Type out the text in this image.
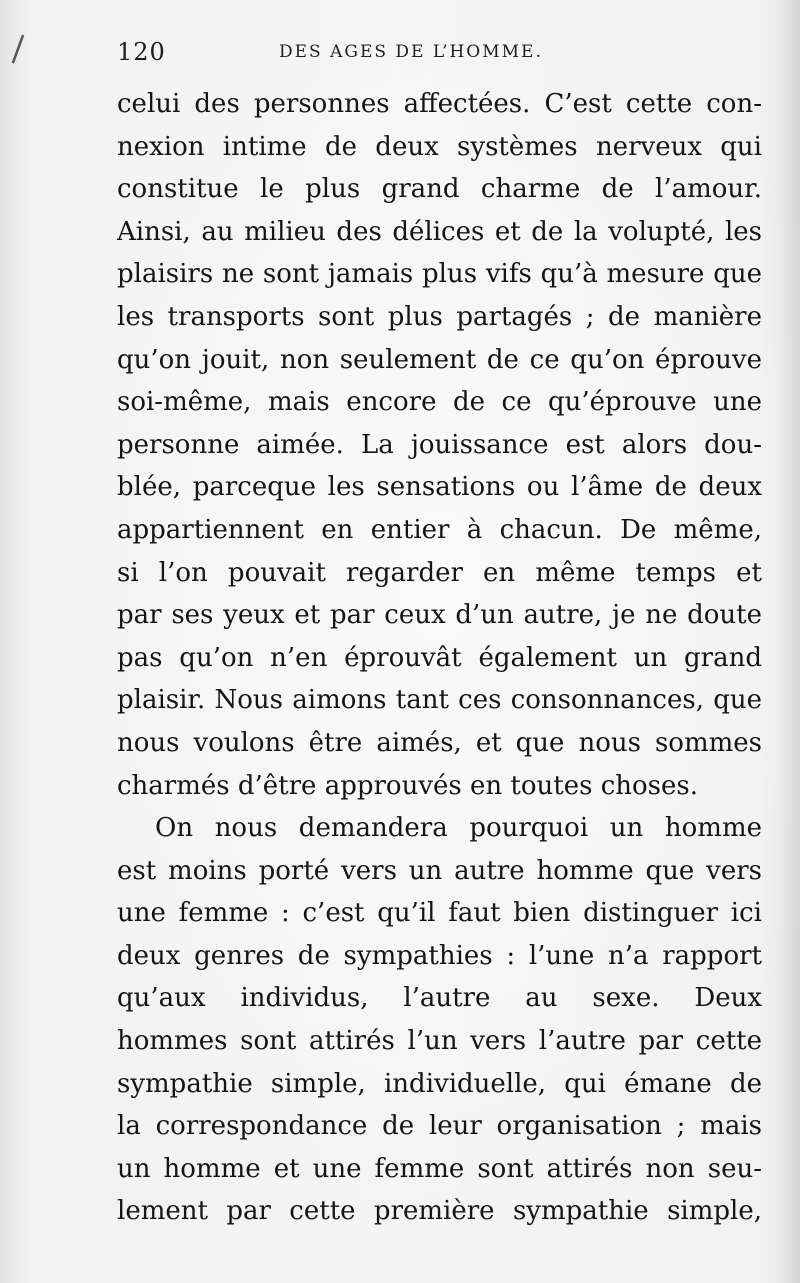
❘	120	DES AGES DE L’HOMME.
celui des personnes affectées. C’est cette con-
nexion intime de deux systèmes nerveux qui
constitue le plus grand charme de l’amour.
Ainsi, au milieu des délices et de la volupté, les
plaisirs ne sont jamais plus vifs qu’à mesure que
les transports sont plus partagés ; de manière
qu’on jouit, non seulement de ce qu’on éprouve
soi-même, mais encore de ce qu’éprouve une
personne aimée. La jouissance est alors dou-
blée, parceque les sensations ou l’âme de deux
appartiennent en entier à chacun. De même,
si l’on pouvait regarder en même temps et
par ses yeux et par ceux d’un autre, je ne doute
pas qu’on n’en éprouvât également un grand
plaisir. Nous aimons tant ces consonnances, que
nous voulons être aimés, et que nous sommes
charmés d’être approuvés en toutes choses.
On nous demandera pourquoi un homme
est moins porté vers un autre homme que vers
une femme : c’est qu’il faut bien distinguer ici
deux genres de sympathies : l’une n’a rapport
qu’aux individus, l’autre au sexe. Deux
hommes sont attirés l’un vers l’autre par cette
sympathie simple, individuelle, qui émane de
la correspondance de leur organisation ; mais
un homme et une femme sont attirés non seu-
lement par cette première sympathie simple,
